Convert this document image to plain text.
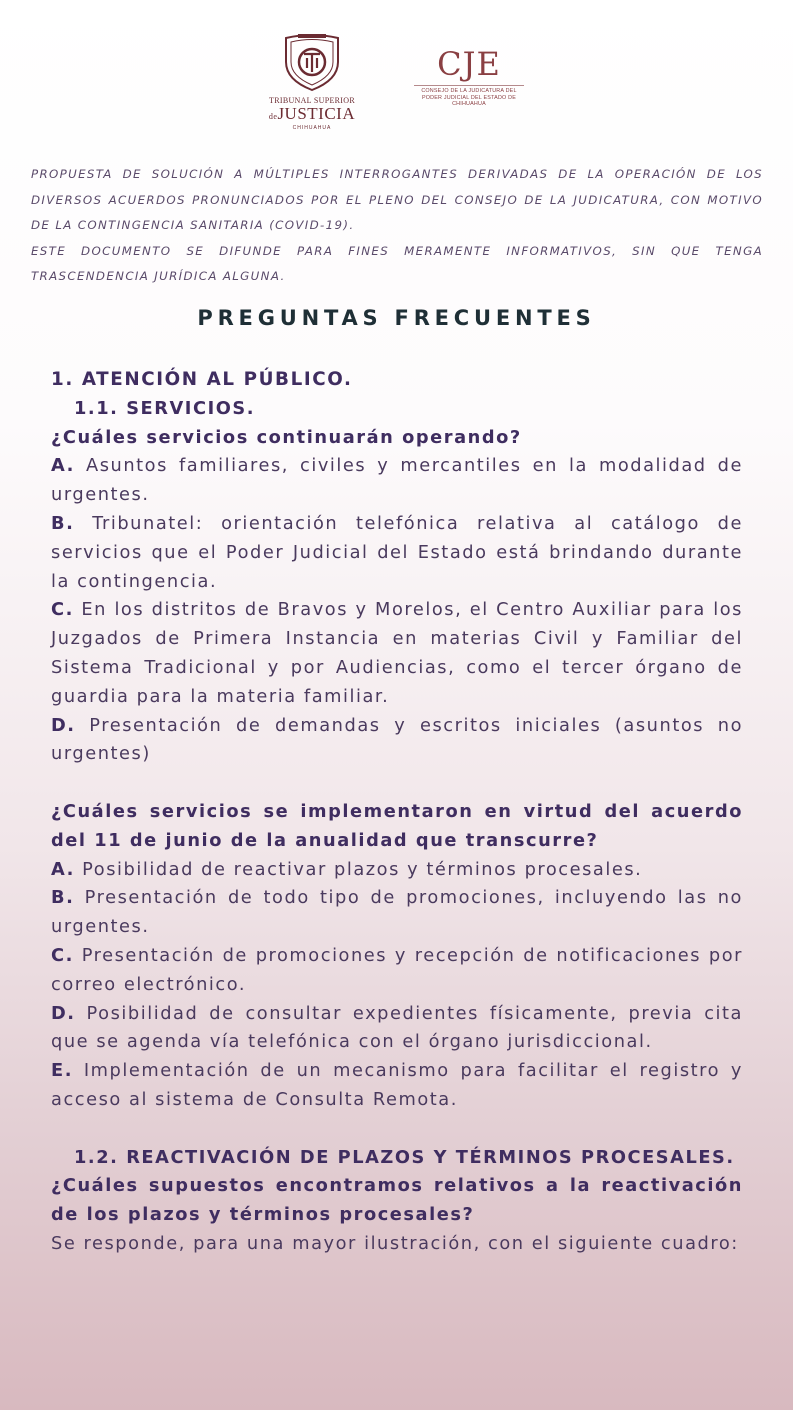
TRIBUNAL SUPERIOR
deJUSTICIA
CHIHUAHUA
CJE
CONSEJO DE LA JUDICATURA DEL
PODER JUDICIAL DEL ESTADO DE CHIHUAHUA

PROPUESTA DE SOLUCIÓN A MÚLTIPLES INTERROGANTES DERIVADAS DE LA OPERACIÓN DE LOS DIVERSOS ACUERDOS PRONUNCIADOS POR EL PLENO DEL CONSEJO DE LA JUDICATURA, CON MOTIVO DE LA CONTINGENCIA SANITARIA (COVID-19).

ESTE DOCUMENTO SE DIFUNDE PARA FINES MERAMENTE INFORMATIVOS, SIN QUE TENGA TRASCENDENCIA JURÍDICA ALGUNA.

PREGUNTAS FRECUENTES

1. ATENCIÓN AL PÚBLICO.

1.1. SERVICIOS.

¿Cuáles servicios continuarán operando?

A. Asuntos familiares, civiles y mercantiles en la modalidad de urgentes.

B. Tribunatel: orientación telefónica relativa al catálogo de servicios que el Poder Judicial del Estado está brindando durante la contingencia.

C. En los distritos de Bravos y Morelos, el Centro Auxiliar para los Juzgados de Primera Instancia en materias Civil y Familiar del Sistema Tradicional y por Audiencias, como el tercer órgano de guardia para la materia familiar.

D. Presentación de demandas y escritos iniciales (asuntos no urgentes)

¿Cuáles servicios se implementaron en virtud del acuerdo del 11 de junio de la anualidad que transcurre?

A. Posibilidad de reactivar plazos y términos procesales.

B. Presentación de todo tipo de promociones, incluyendo las no urgentes.

C. Presentación de promociones y recepción de notificaciones por correo electrónico.

D. Posibilidad de consultar expedientes físicamente, previa cita que se agenda vía telefónica con el órgano jurisdiccional.

E. Implementación de un mecanismo para facilitar el registro y acceso al sistema de Consulta Remota.

1.2. REACTIVACIÓN DE PLAZOS Y TÉRMINOS PROCESALES.

¿Cuáles supuestos encontramos relativos a la reactivación de los plazos y términos procesales?

Se responde, para una mayor ilustración, con el siguiente cuadro:
